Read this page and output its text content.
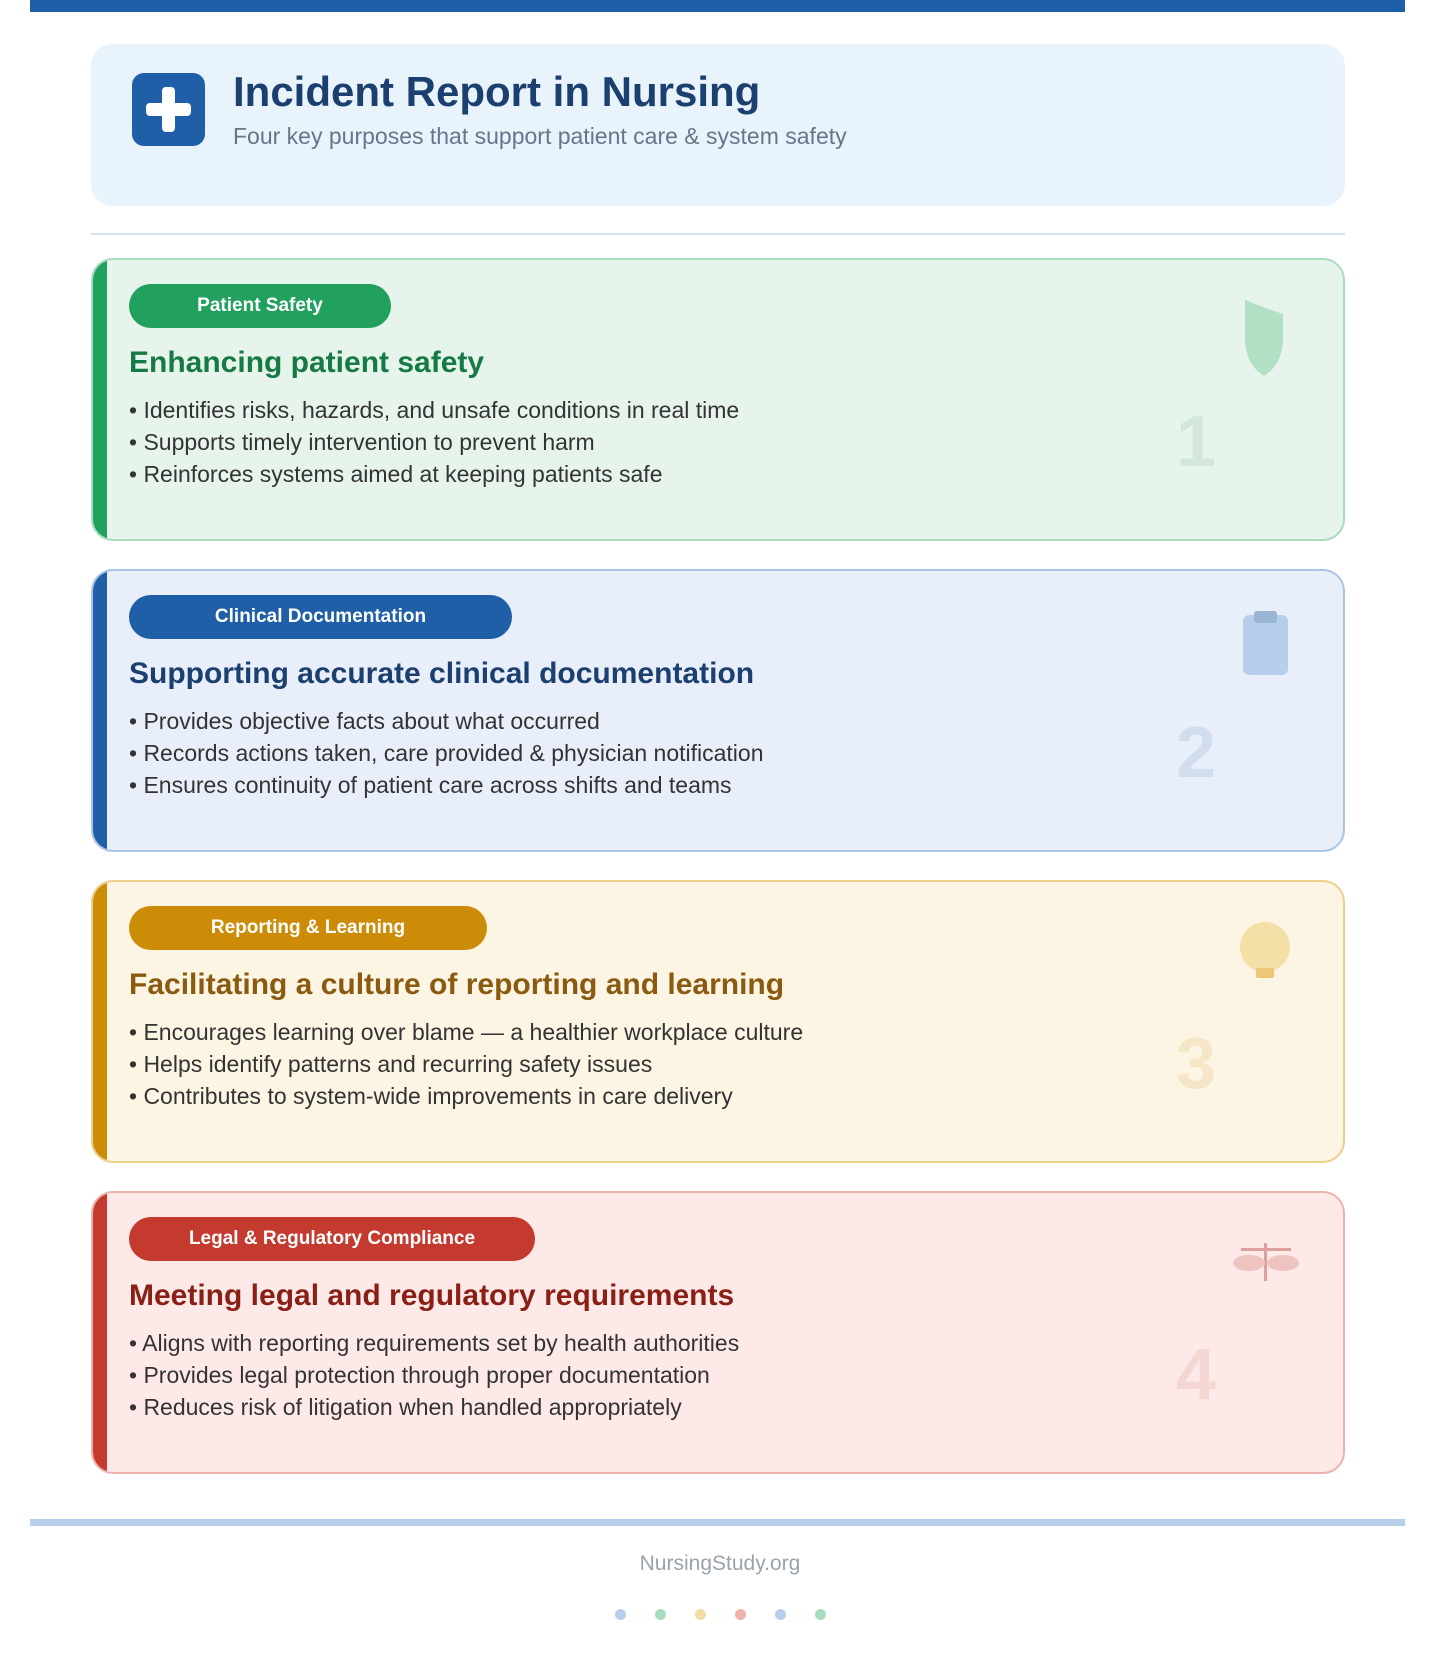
Incident Report in Nursing
Four key purposes that support patient care & system safety
Patient Safety
Enhancing patient safety
• Identifies risks, hazards, and unsafe conditions in real time
• Supports timely intervention to prevent harm
• Reinforces systems aimed at keeping patients safe	1
Clinical Documentation
Supporting accurate clinical documentation
• Provides objective facts about what occurred
• Records actions taken, care provided & physician notification
• Ensures continuity of patient care across shifts and teams	2
Reporting & Learning
Facilitating a culture of reporting and learning
• Encourages learning over blame — a healthier workplace culture
• Helps identify patterns and recurring safety issues
• Contributes to system-wide improvements in care delivery	3
Legal & Regulatory Compliance
Meeting legal and regulatory requirements
• Aligns with reporting requirements set by health authorities
• Provides legal protection through proper documentation
• Reduces risk of litigation when handled appropriately	4
NursingStudy.org
